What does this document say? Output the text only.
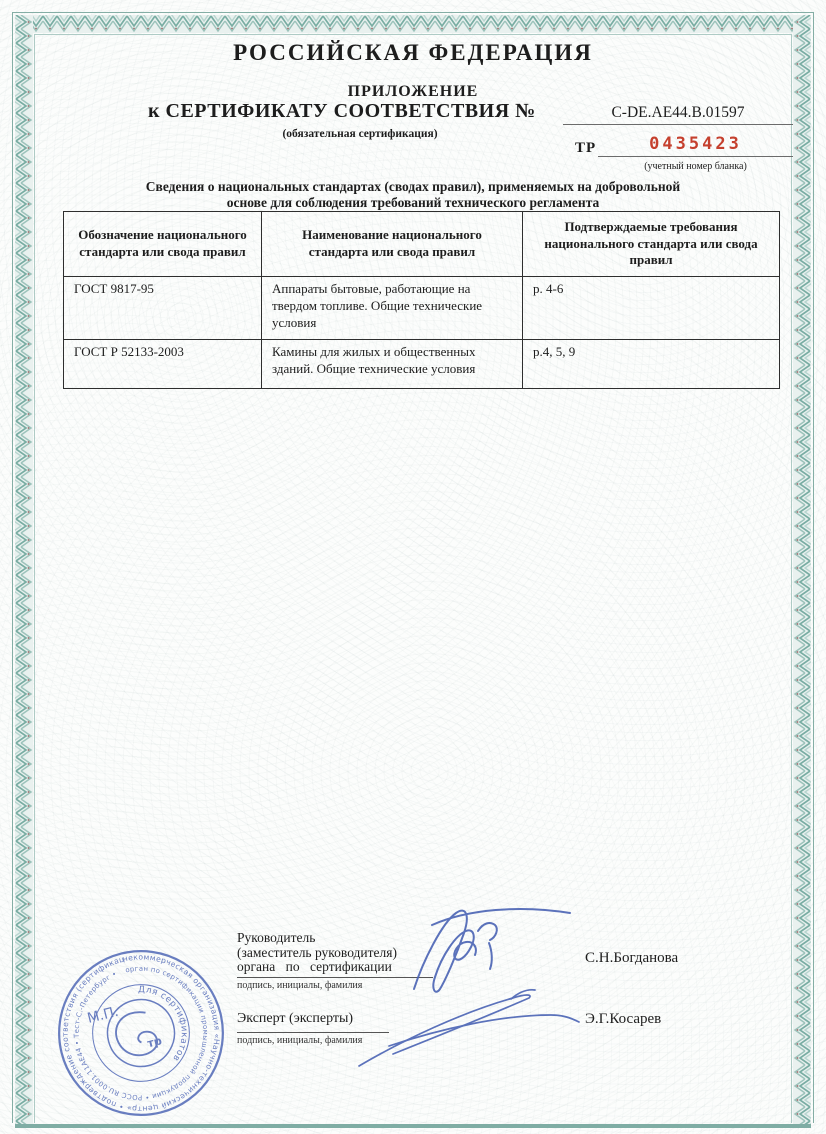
РОССИЙСКАЯ ФЕДЕРАЦИЯ
ПРИЛОЖЕНИЕ
к СЕРТИФИКАТУ СООТВЕТСТВИЯ №	C-DE.AE44.B.01597
(обязательная сертификация)
ТР	0435423
(учетный номер бланка)
Сведения о национальных стандартах (сводах правил), применяемых на добровольной
основе для соблюдения требований технического регламента
Обозначение национального стандарта или свода правил	Наименование национального стандарта или свода правил	Подтверждаемые требования национального стандарта или свода правил
ГОСТ 9817-95	Аппараты бытовые, работающие на твердом топливе. Общие технические условия	р. 4-6
ГОСТ Р 52133-2003	Камины для жилых и общественных зданий. Общие технические условия	р.4, 5, 9
Руководитель
(заместитель руководителя)
органа по сертификации
подпись, инициалы, фамилия
С.Н.Богданова
Эксперт (эксперты)
подпись, инициалы, фамилия
Э.Г.Косарев
некоммерческая организация «Научно-технический центр» • подтверждение соответствия (сертификация) • АНО «Тест-С.-Петербург» •
орган по сертификации промышленной продукции • РОСС RU.0001.11АЕ44 • Тест-С.-Петербург •
Для сертификатов
М.П.
тр
